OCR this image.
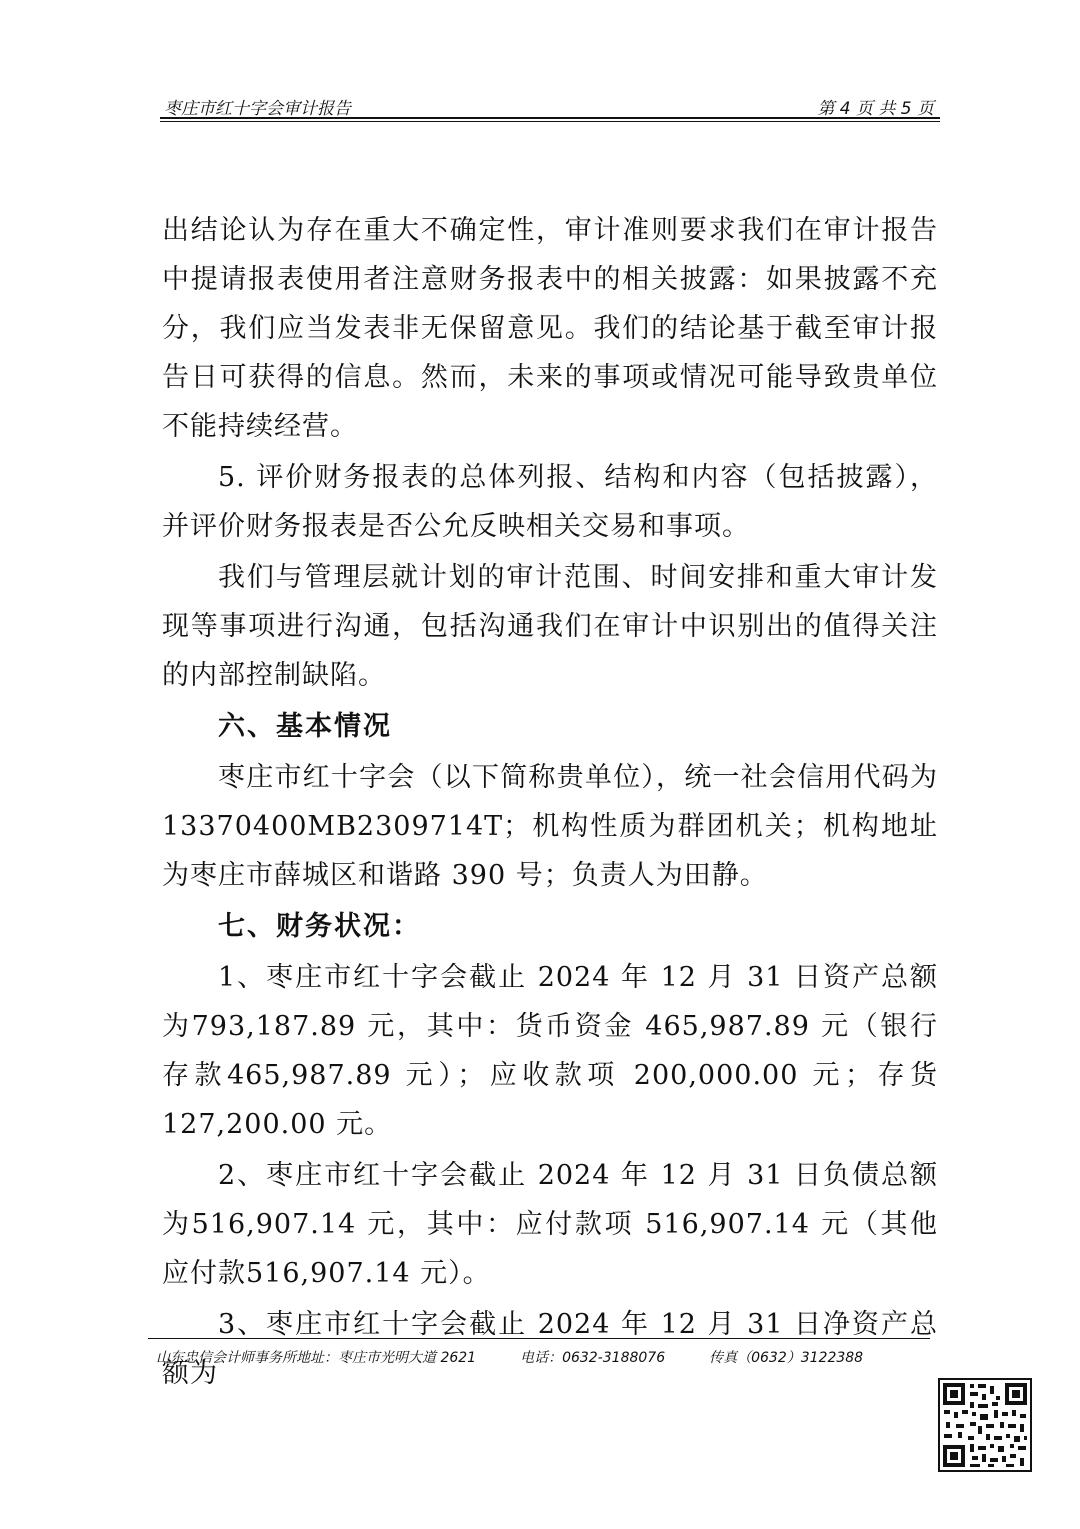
枣庄市红十字会审计报告	第 4 页 共 5 页

出结论认为存在重大不确定性，审计准则要求我们在审计报告中提请报表使用者注意财务报表中的相关披露：如果披露不充分，我们应当发表非无保留意见。我们的结论基于截至审计报告日可获得的信息。然而，未来的事项或情况可能导致贵单位不能持续经营。

5. 评价财务报表的总体列报、结构和内容（包括披露），并评价财务报表是否公允反映相关交易和事项。

我们与管理层就计划的审计范围、时间安排和重大审计发现等事项进行沟通，包括沟通我们在审计中识别出的值得关注的内部控制缺陷。

六、基本情况

枣庄市红十字会（以下简称贵单位），统一社会信用代码为13370400MB2309714T；机构性质为群团机关；机构地址为枣庄市薛城区和谐路 390 号；负责人为田静。

七、财务状况：

1、枣庄市红十字会截止 2024 年 12 月 31 日资产总额为793,187.89 元，其中：货币资金 465,987.89 元（银行存款465,987.89 元）；应收款项 200,000.00 元；存货 127,200.00 元。

2、枣庄市红十字会截止 2024 年 12 月 31 日负债总额为516,907.14 元，其中：应付款项 516,907.14 元（其他应付款516,907.14 元）。

3、枣庄市红十字会截止 2024 年 12 月 31 日净资产总额为

山东忠信会计师事务所地址：枣庄市光明大道 2621	电话：0632-3188076	传真（0632）3122388
